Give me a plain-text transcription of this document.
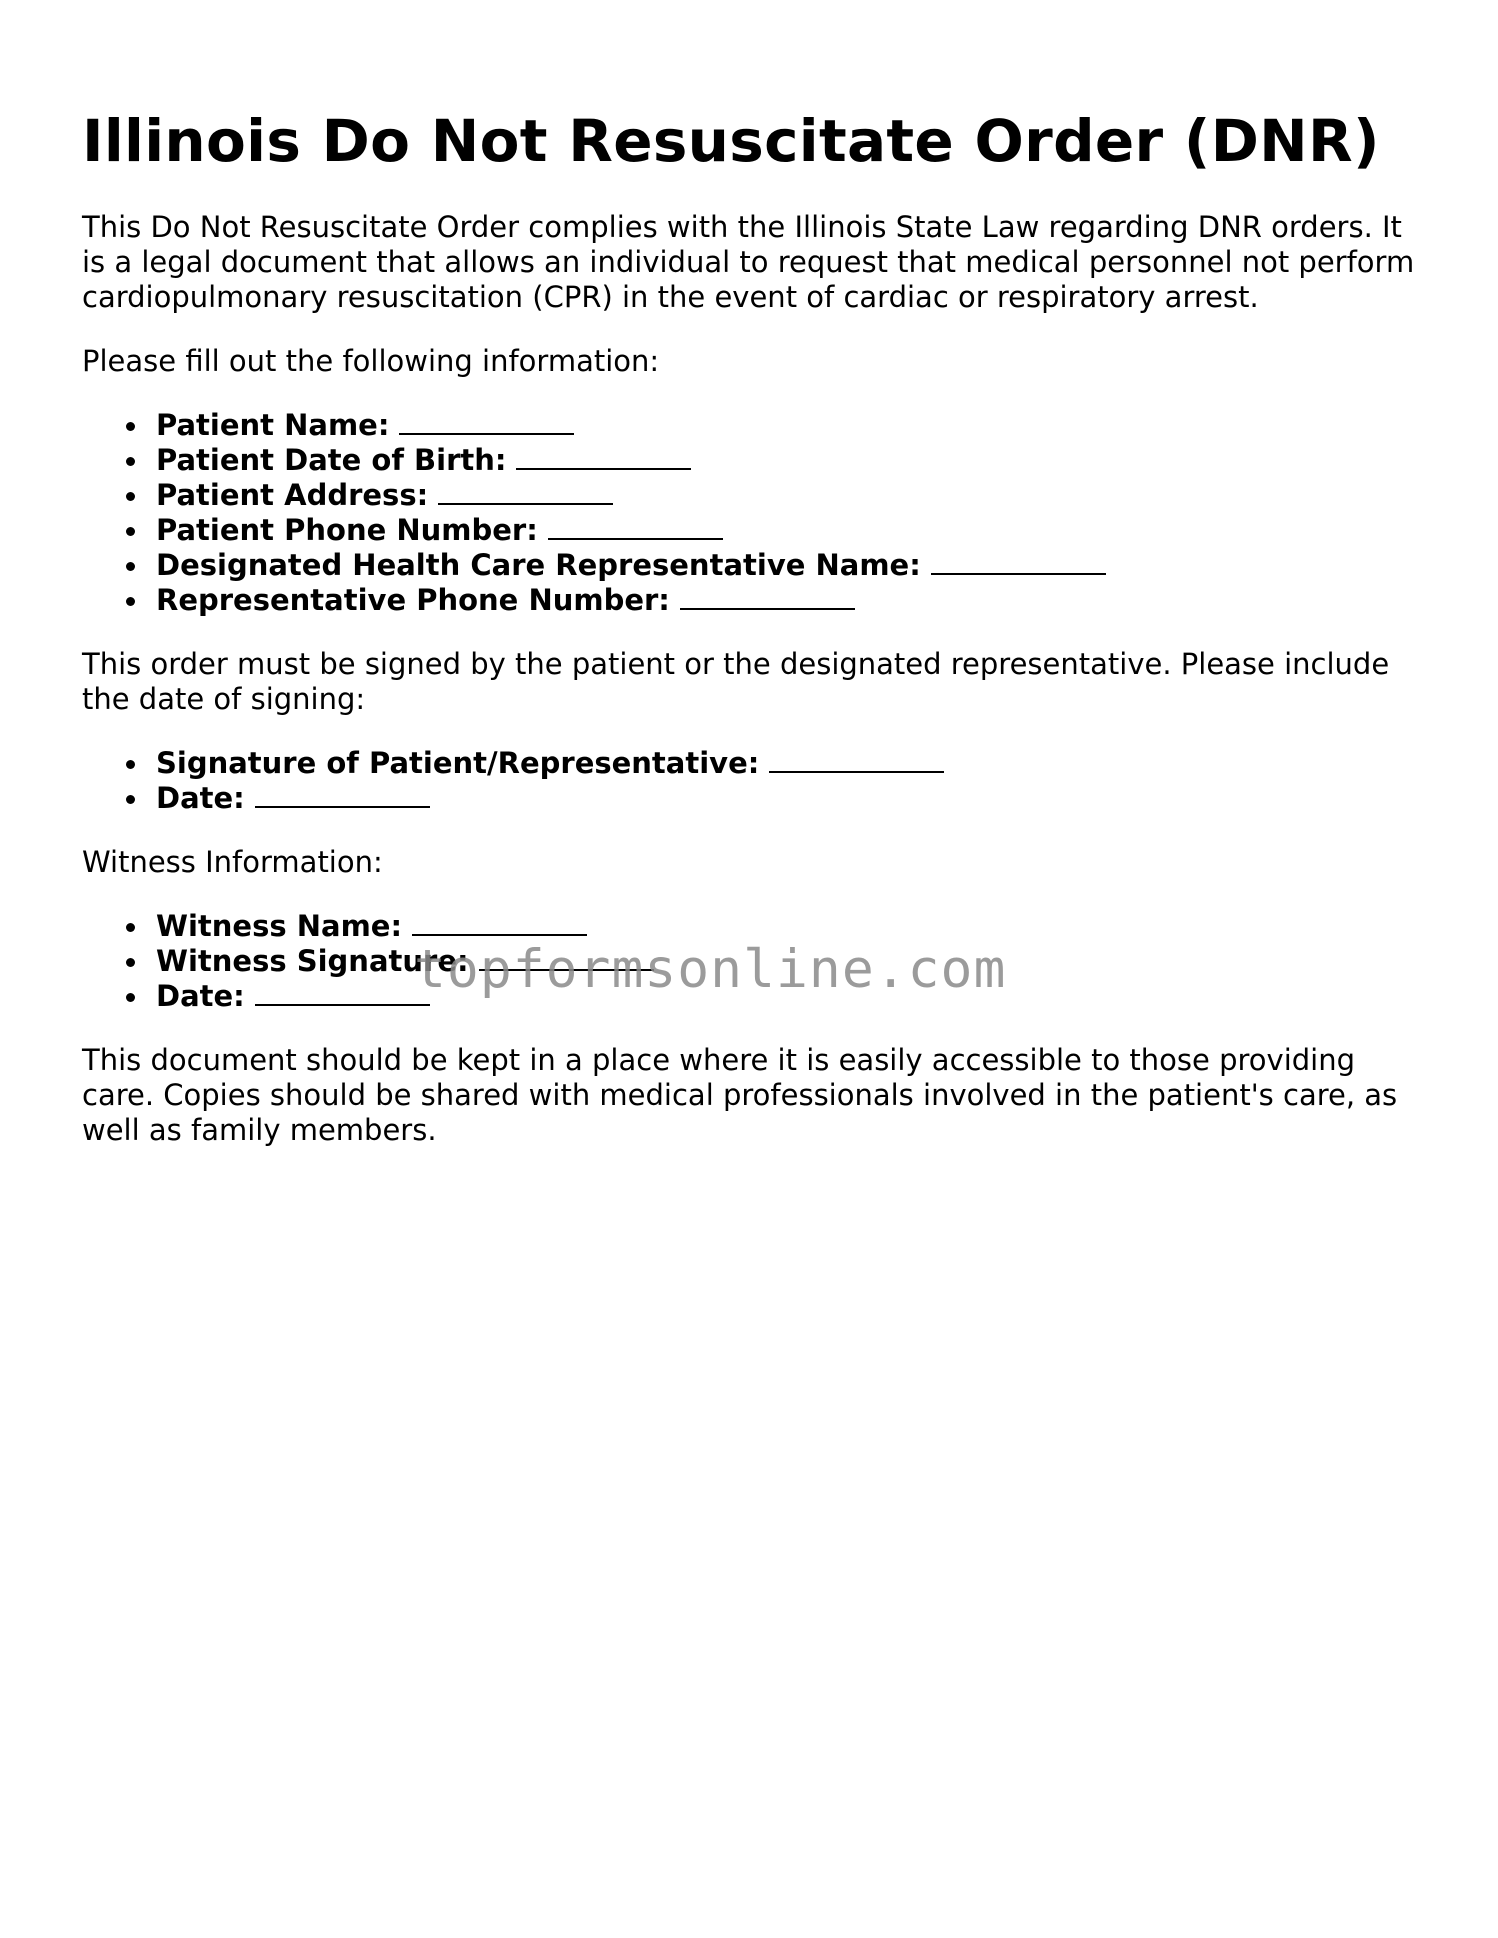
Illinois Do Not Resuscitate Order (DNR)

This Do Not Resuscitate Order complies with the Illinois State Law regarding DNR orders. It is a legal document that allows an individual to request that medical personnel not perform cardiopulmonary resuscitation (CPR) in the event of cardiac or respiratory arrest.

Please fill out the following information:

Patient Name:
Patient Date of Birth:
Patient Address:
Patient Phone Number:
Designated Health Care Representative Name:
Representative Phone Number:

This order must be signed by the patient or the designated representative. Please include the date of signing:

Signature of Patient/Representative:
Date:

Witness Information:

Witness Name:
Witness Signature:
Date:

This document should be kept in a place where it is easily accessible to those providing care. Copies should be shared with medical professionals involved in the patient's care, as well as family members.

topformsonline.com
